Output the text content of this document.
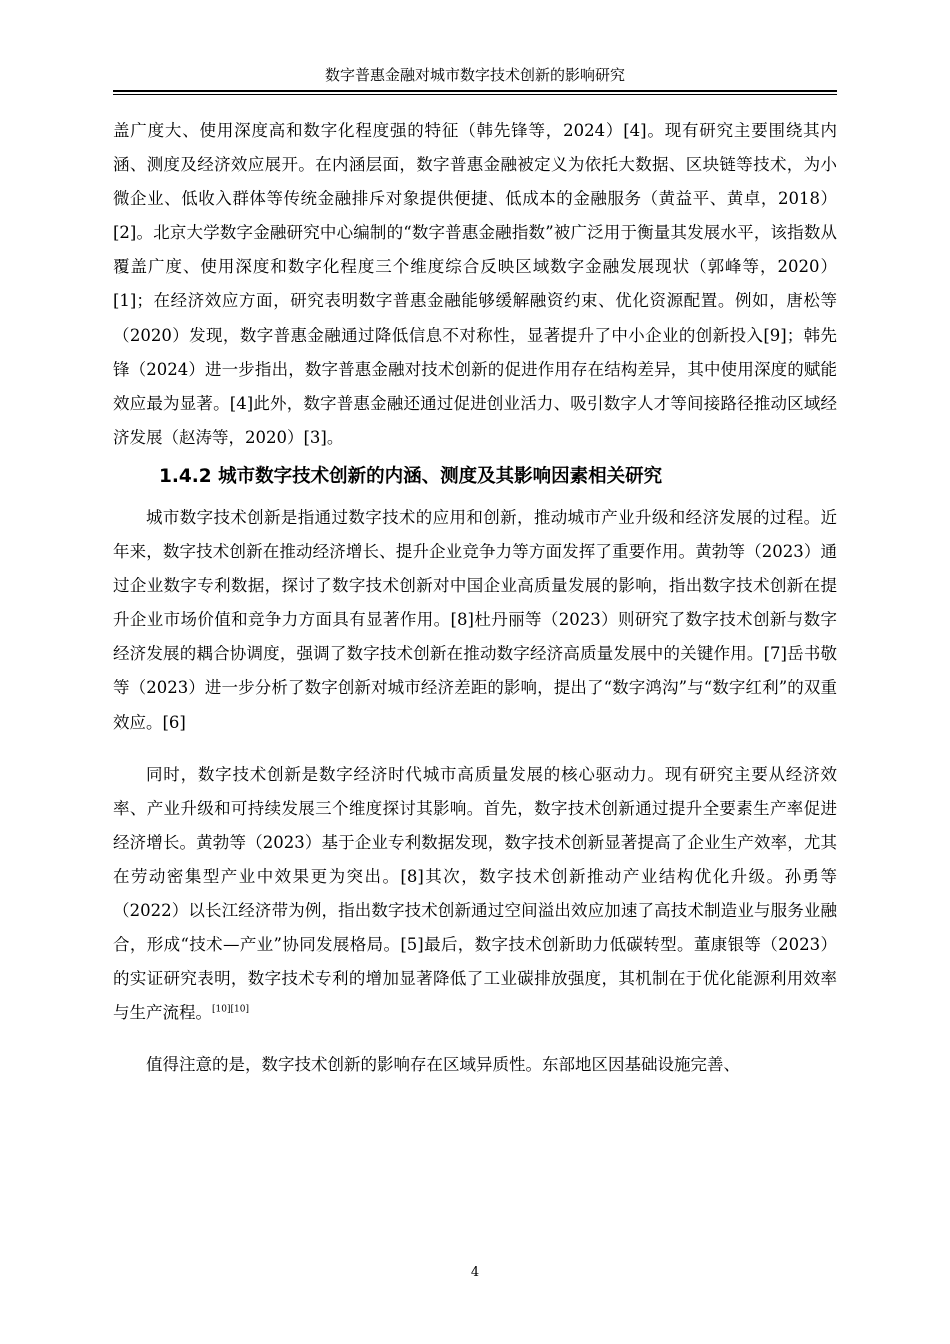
数字普惠金融对城市数字技术创新的影响研究

盖广度大、使用深度高和数字化程度强的特征（韩先锋等，2024）[4]。现有研究主要围绕其内涵、测度及经济效应展开。在内涵层面，数字普惠金融被定义为依托大数据、区块链等技术，为小微企业、低收入群体等传统金融排斥对象提供便捷、低成本的金融服务（黄益平、黄卓，2018）[2]。北京大学数字金融研究中心编制的“数字普惠金融指数”被广泛用于衡量其发展水平，该指数从覆盖广度、使用深度和数字化程度三个维度综合反映区域数字金融发展现状（郭峰等，2020）[1]；在经济效应方面，研究表明数字普惠金融能够缓解融资约束、优化资源配置。例如，唐松等（2020）发现，数字普惠金融通过降低信息不对称性，显著提升了中小企业的创新投入[9]；韩先锋（2024）进一步指出，数字普惠金融对技术创新的促进作用存在结构差异，其中使用深度的赋能效应最为显著。[4]此外，数字普惠金融还通过促进创业活力、吸引数字人才等间接路径推动区域经济发展（赵涛等，2020）[3]。

1.4.2 城市数字技术创新的内涵、测度及其影响因素相关研究

城市数字技术创新是指通过数字技术的应用和创新，推动城市产业升级和经济发展的过程。近年来，数字技术创新在推动经济增长、提升企业竞争力等方面发挥了重要作用。黄勃等（2023）通过企业数字专利数据，探讨了数字技术创新对中国企业高质量发展的影响，指出数字技术创新在提升企业市场价值和竞争力方面具有显著作用。[8]杜丹丽等（2023）则研究了数字技术创新与数字经济发展的耦合协调度，强调了数字技术创新在推动数字经济高质量发展中的关键作用。[7]岳书敬等（2023）进一步分析了数字创新对城市经济差距的影响，提出了“数字鸿沟”与“数字红利”的双重效应。[6]

同时，数字技术创新是数字经济时代城市高质量发展的核心驱动力。现有研究主要从经济效率、产业升级和可持续发展三个维度探讨其影响。首先，数字技术创新通过提升全要素生产率促进经济增长。黄勃等（2023）基于企业专利数据发现，数字技术创新显著提高了企业生产效率，尤其在劳动密集型产业中效果更为突出。[8]其次，数字技术创新推动产业结构优化升级。孙勇等（2022）以长江经济带为例，指出数字技术创新通过空间溢出效应加速了高技术制造业与服务业融合，形成“技术—产业”协同发展格局。[5]最后，数字技术创新助力低碳转型。董康银等（2023）的实证研究表明，数字技术专利的增加显著降低了工业碳排放强度，其机制在于优化能源利用效率与生产流程。[10][10]

值得注意的是，数字技术创新的影响存在区域异质性。东部地区因基础设施完善、

4
